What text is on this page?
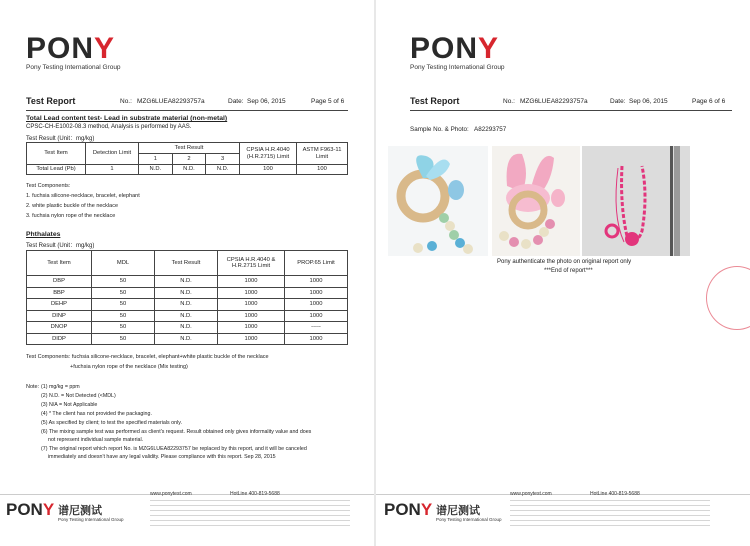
PONY
Pony Testing International Group
Test Report	No.: MZG6LUEA82293757a	Date: Sep 06, 2015	Page 5 of 6
Total Lead content test- Lead in substrate material (non-metal)
CPSC-CH-E1002-08.3 method, Analysis is performed by AAS.
Test Result (Unit：mg/kg)
Test Item	Detection Limit	Test Result			CPSIA H.R.4040 (H.R.2715) Limit	ASTM F963-11 Limit
		1	2	3		
Total Lead (Pb)	1	N.D.	N.D.	N.D.	100	100
Test Components:
1. fuchsia silicone-necklace, bracelet, elephant
2. white plastic buckle of the necklace
3. fuchsia nylon rope of the necklace
Phthalates
Test Result (Unit：mg/kg)
Test Item	MDL	Test Result	CPSIA H.R.4040 & H.R.2715 Limit	PROP.65 Limit
DBP	50	N.D.	1000	1000
BBP	50	N.D.	1000	1000
DEHP	50	N.D.	1000	1000
DINP	50	N.D.	1000	1000
DNOP	50	N.D.	1000	-----
DIDP	50	N.D.	1000	1000
Test Components: fuchsia silicone-necklace, bracelet, elephant+white plastic buckle of the necklace
+fuchsia nylon rope of the necklace (Mix testing)
Note: (1) mg/kg = ppm
(2) N.D. = Not Detected (<MDL)
(3) N/A = Not Applicable
(4) * The client has not provided the packaging.
(5) As specified by client; to test the specified materials only.
(6) The mixing sample test was performed as client's request. Result obtained only gives informality value and does
not represent individual sample material.
(7) The original report which report No. is MZG6LUEA82293757 be replaced by this report, and it will be canceled
immediately and doesn't have any legal validity. Please compliance with this report. Sep 28, 2015
www.ponytest.com	HotLine 400-819-5688
PONY 谱尼测试
Pony Testing International Group
PONY
Pony Testing International Group
Test Report	No.: MZG6LUEA82293757a	Date: Sep 06, 2015	Page 6 of 6
Sample No. & Photo: A82293757
Pony authenticate the photo on original report only
***End of report***
www.ponytest.com	HotLine 400-819-5688
PONY 谱尼测试
Pony Testing International Group
